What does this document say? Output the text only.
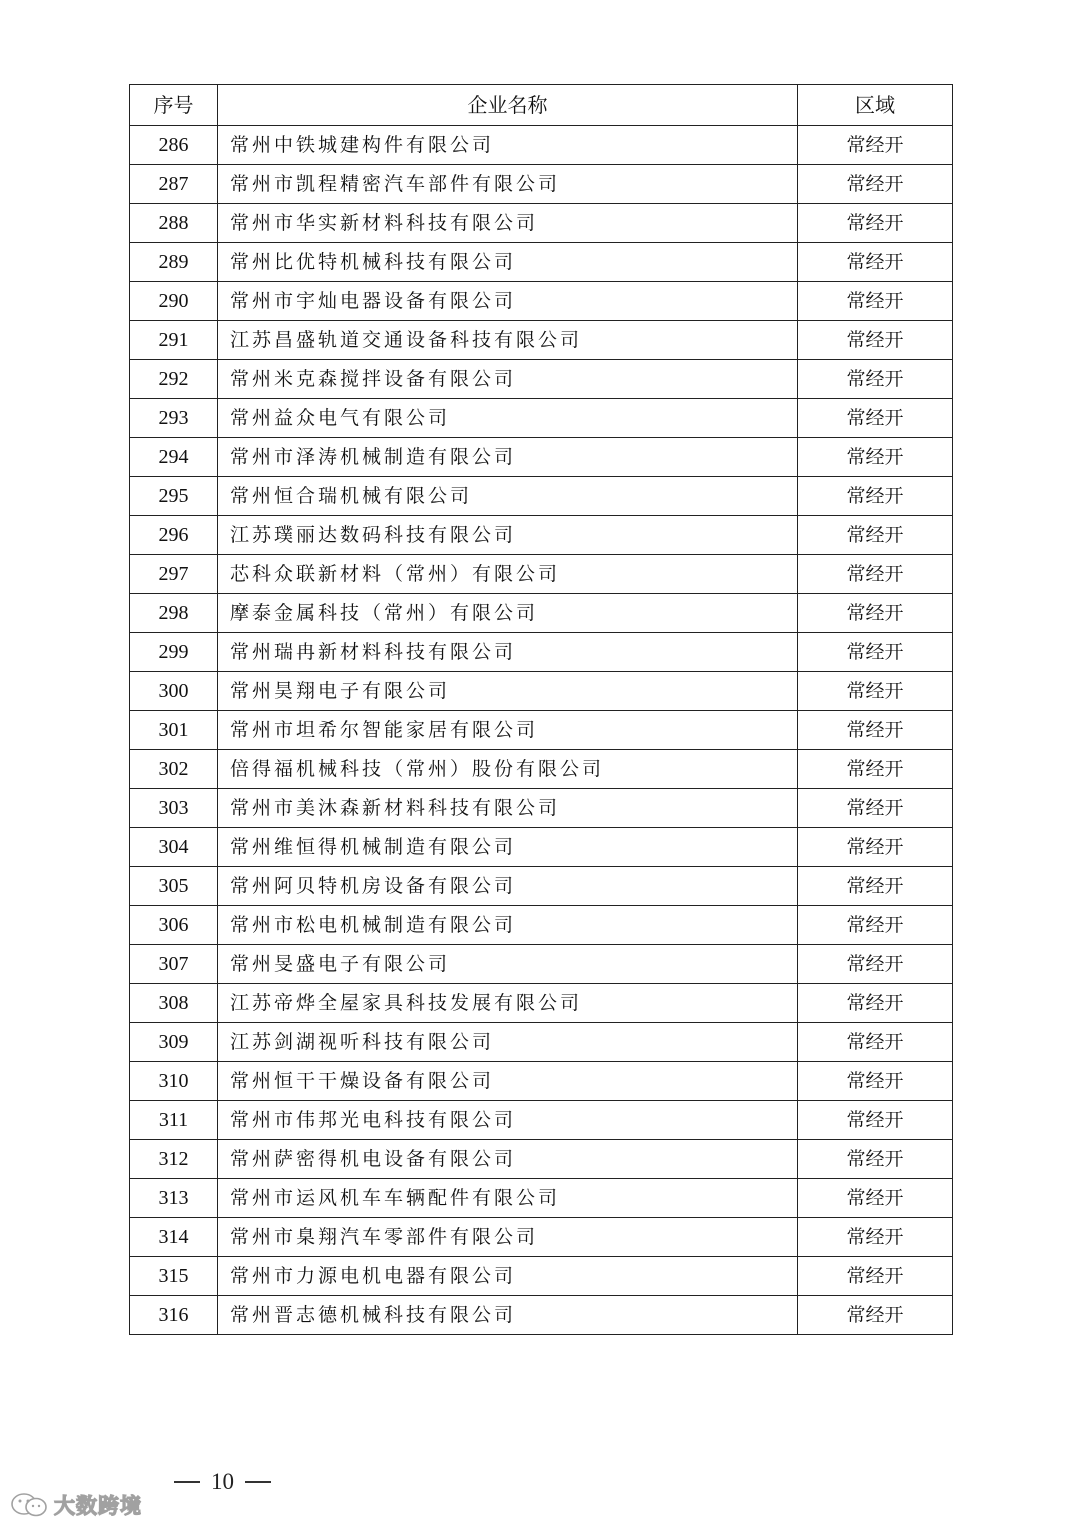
序号	企业名称	区域
286	常州中铁城建构件有限公司	常经开
287	常州市凯程精密汽车部件有限公司	常经开
288	常州市华实新材料科技有限公司	常经开
289	常州比优特机械科技有限公司	常经开
290	常州市宇灿电器设备有限公司	常经开
291	江苏昌盛轨道交通设备科技有限公司	常经开
292	常州米克森搅拌设备有限公司	常经开
293	常州益众电气有限公司	常经开
294	常州市泽涛机械制造有限公司	常经开
295	常州恒合瑞机械有限公司	常经开
296	江苏璞丽达数码科技有限公司	常经开
297	芯科众联新材料（常州）有限公司	常经开
298	摩泰金属科技（常州）有限公司	常经开
299	常州瑞冉新材料科技有限公司	常经开
300	常州昊翔电子有限公司	常经开
301	常州市坦希尔智能家居有限公司	常经开
302	倍得福机械科技（常州）股份有限公司	常经开
303	常州市美沐森新材料科技有限公司	常经开
304	常州维恒得机械制造有限公司	常经开
305	常州阿贝特机房设备有限公司	常经开
306	常州市松电机械制造有限公司	常经开
307	常州旻盛电子有限公司	常经开
308	江苏帝烨全屋家具科技发展有限公司	常经开
309	江苏剑湖视听科技有限公司	常经开
310	常州恒干干燥设备有限公司	常经开
311	常州市伟邦光电科技有限公司	常经开
312	常州萨密得机电设备有限公司	常经开
313	常州市运风机车车辆配件有限公司	常经开
314	常州市臬翔汽车零部件有限公司	常经开
315	常州市力源电机电器有限公司	常经开
316	常州晋志德机械科技有限公司	常经开
10
大数跨境
